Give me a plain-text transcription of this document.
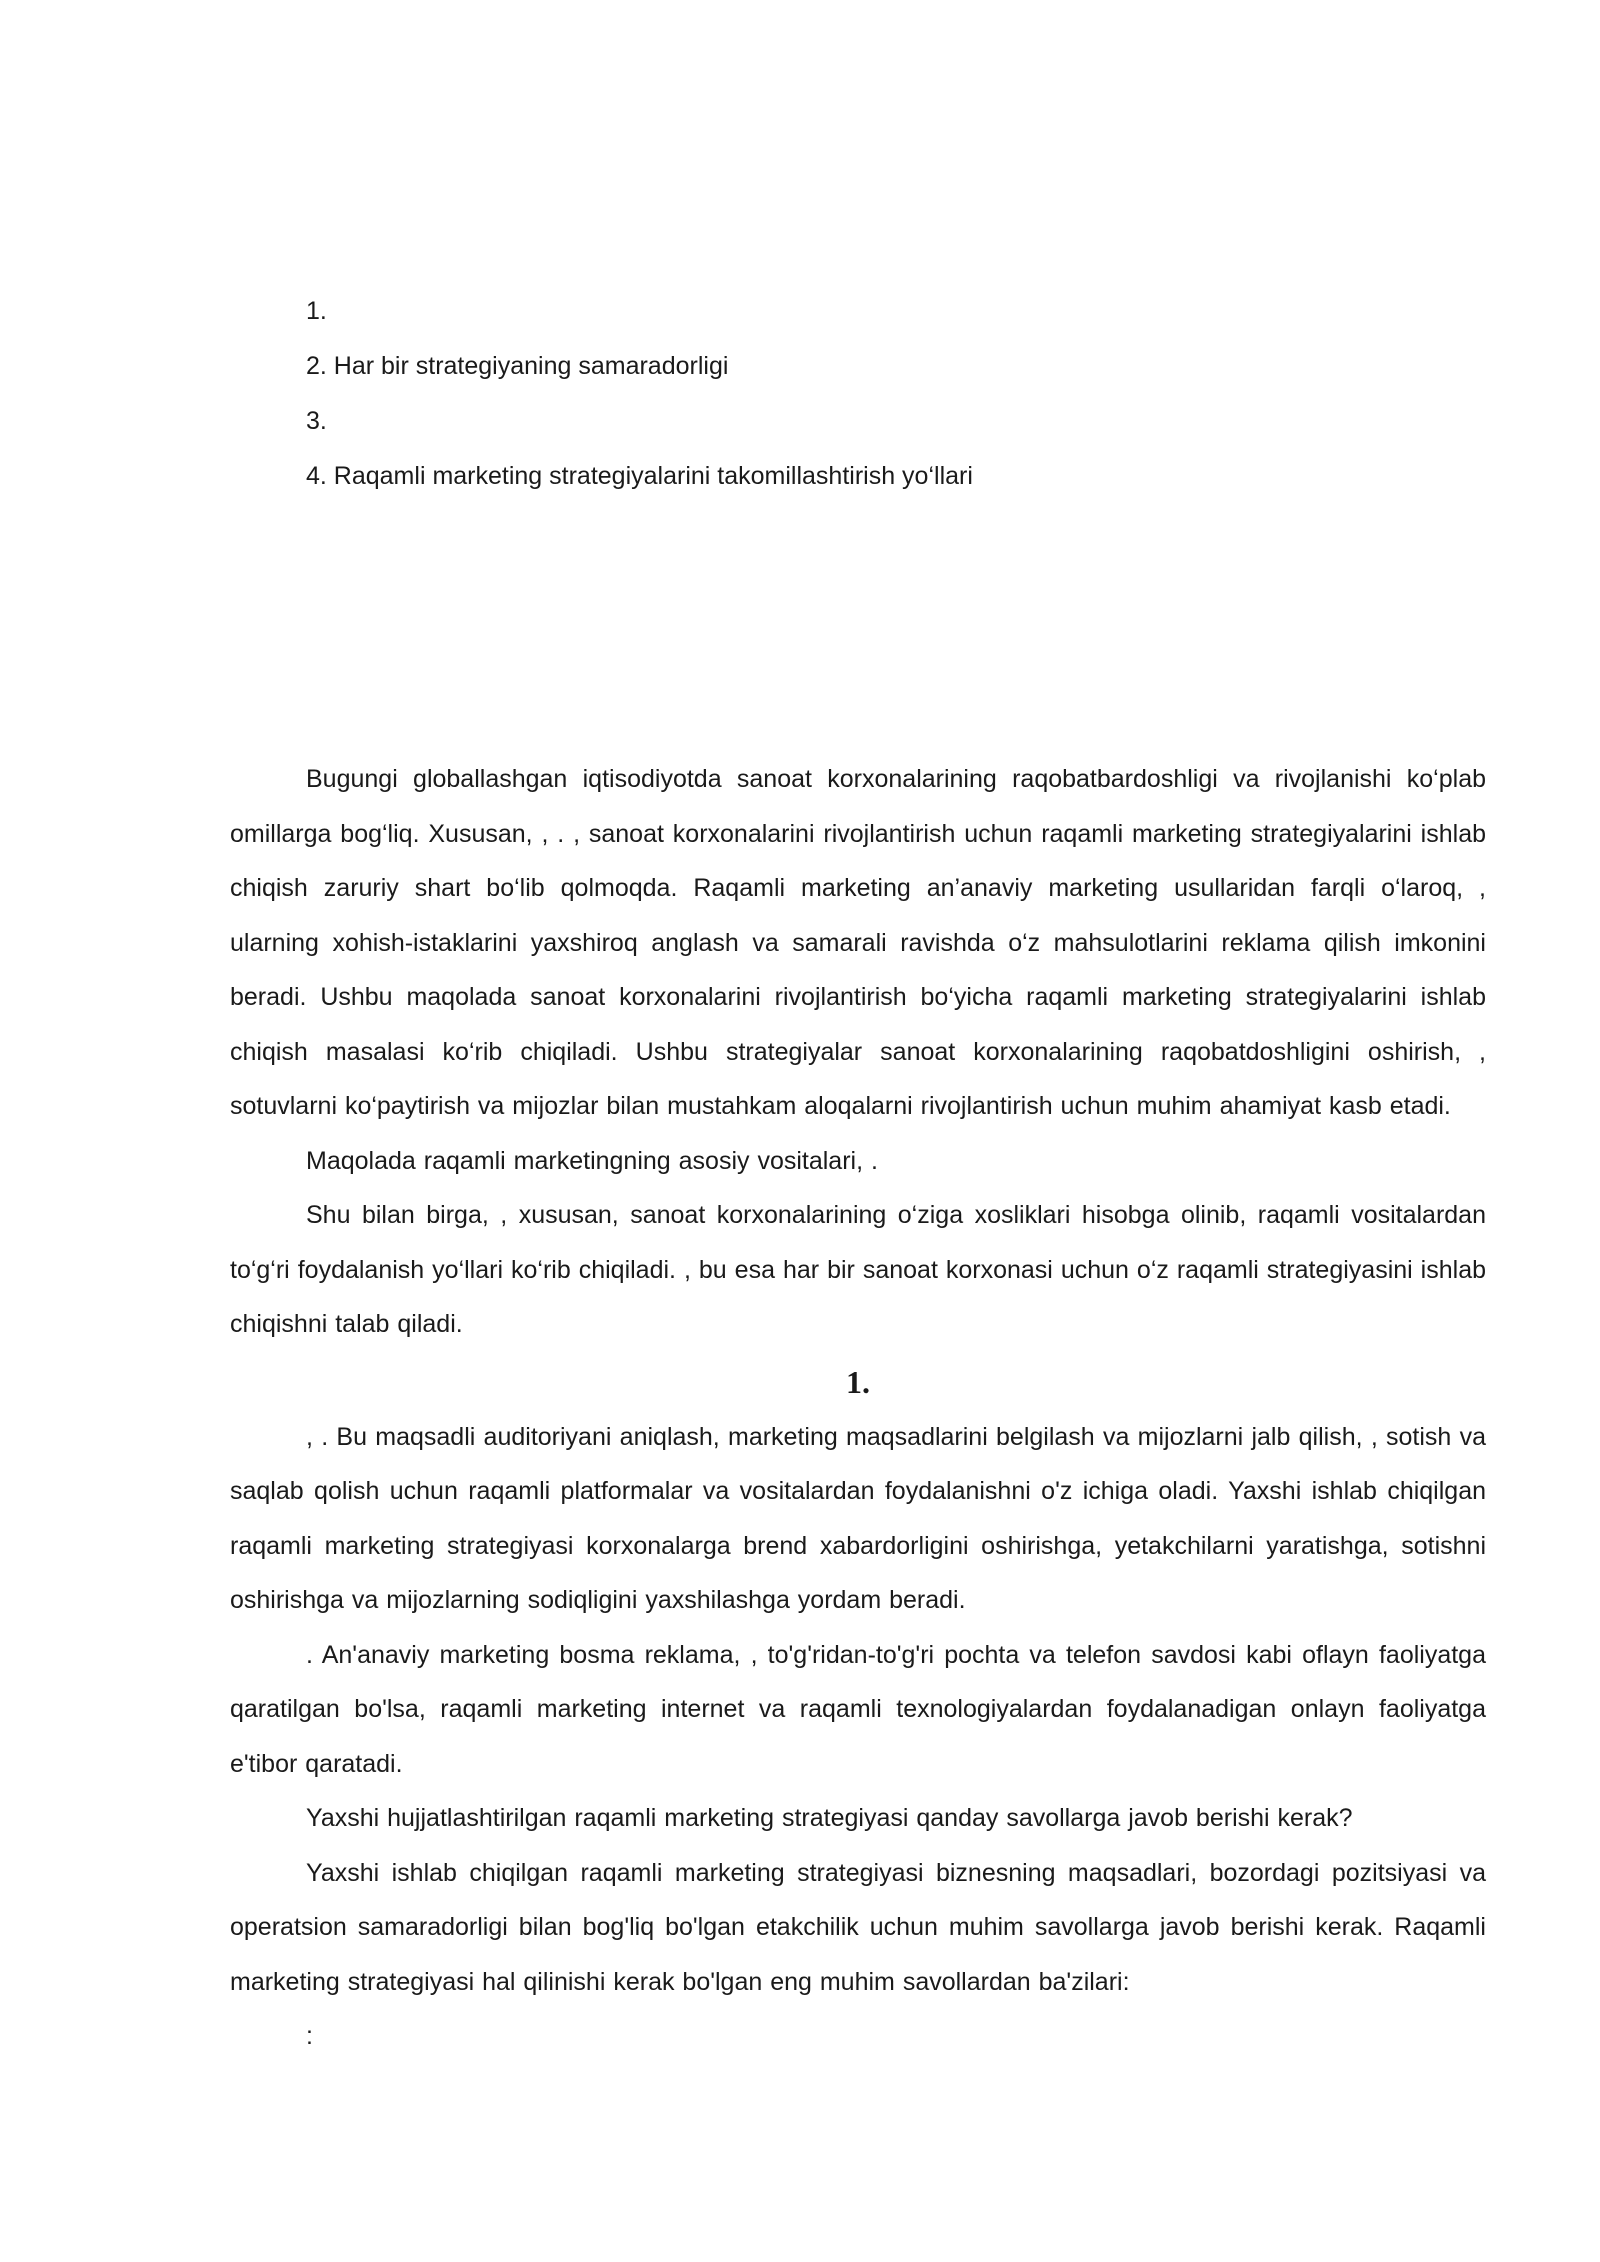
1.
2. Har bir strategiyaning samaradorligi
3.
4. Raqamli marketing strategiyalarini takomillashtirish yo‘llari

Bugungi globallashgan iqtisodiyotda sanoat korxonalarining raqobatbardoshligi va rivojlanishi ko‘plab omillarga bog‘liq. Xususan, , . , sanoat korxonalarini rivojlantirish uchun raqamli marketing strategiyalarini ishlab chiqish zaruriy shart bo‘lib qolmoqda. Raqamli marketing an’anaviy marketing usullaridan farqli o‘laroq, , ularning xohish-istaklarini yaxshiroq anglash va samarali ravishda o‘z mahsulotlarini reklama qilish imkonini beradi. Ushbu maqolada sanoat korxonalarini rivojlantirish bo‘yicha raqamli marketing strategiyalarini ishlab chiqish masalasi ko‘rib chiqiladi. Ushbu strategiyalar sanoat korxonalarining raqobatdoshligini oshirish, , sotuvlarni ko‘paytirish va mijozlar bilan mustahkam aloqalarni rivojlantirish uchun muhim ahamiyat kasb etadi.

Maqolada raqamli marketingning asosiy vositalari, .

Shu bilan birga, , xususan, sanoat korxonalarining o‘ziga xosliklari hisobga olinib, raqamli vositalardan to‘g‘ri foydalanish yo‘llari ko‘rib chiqiladi. , bu esa har bir sanoat korxonasi uchun o‘z raqamli strategiyasini ishlab chiqishni talab qiladi.

1.

, . Bu maqsadli auditoriyani aniqlash, marketing maqsadlarini belgilash va mijozlarni jalb qilish, , sotish va saqlab qolish uchun raqamli platformalar va vositalardan foydalanishni o'z ichiga oladi. Yaxshi ishlab chiqilgan raqamli marketing strategiyasi korxonalarga brend xabardorligini oshirishga, yetakchilarni yaratishga, sotishni oshirishga va mijozlarning sodiqligini yaxshilashga yordam beradi.

. An'anaviy marketing bosma reklama, , to'g'ridan-to'g'ri pochta va telefon savdosi kabi oflayn faoliyatga qaratilgan bo'lsa, raqamli marketing internet va raqamli texnologiyalardan foydalanadigan onlayn faoliyatga e'tibor qaratadi.

Yaxshi hujjatlashtirilgan raqamli marketing strategiyasi qanday savollarga javob berishi kerak?

Yaxshi ishlab chiqilgan raqamli marketing strategiyasi biznesning maqsadlari, bozordagi pozitsiyasi va operatsion samaradorligi bilan bog'liq bo'lgan etakchilik uchun muhim savollarga javob berishi kerak. Raqamli marketing strategiyasi hal qilinishi kerak bo'lgan eng muhim savollardan ba'zilari:

:
